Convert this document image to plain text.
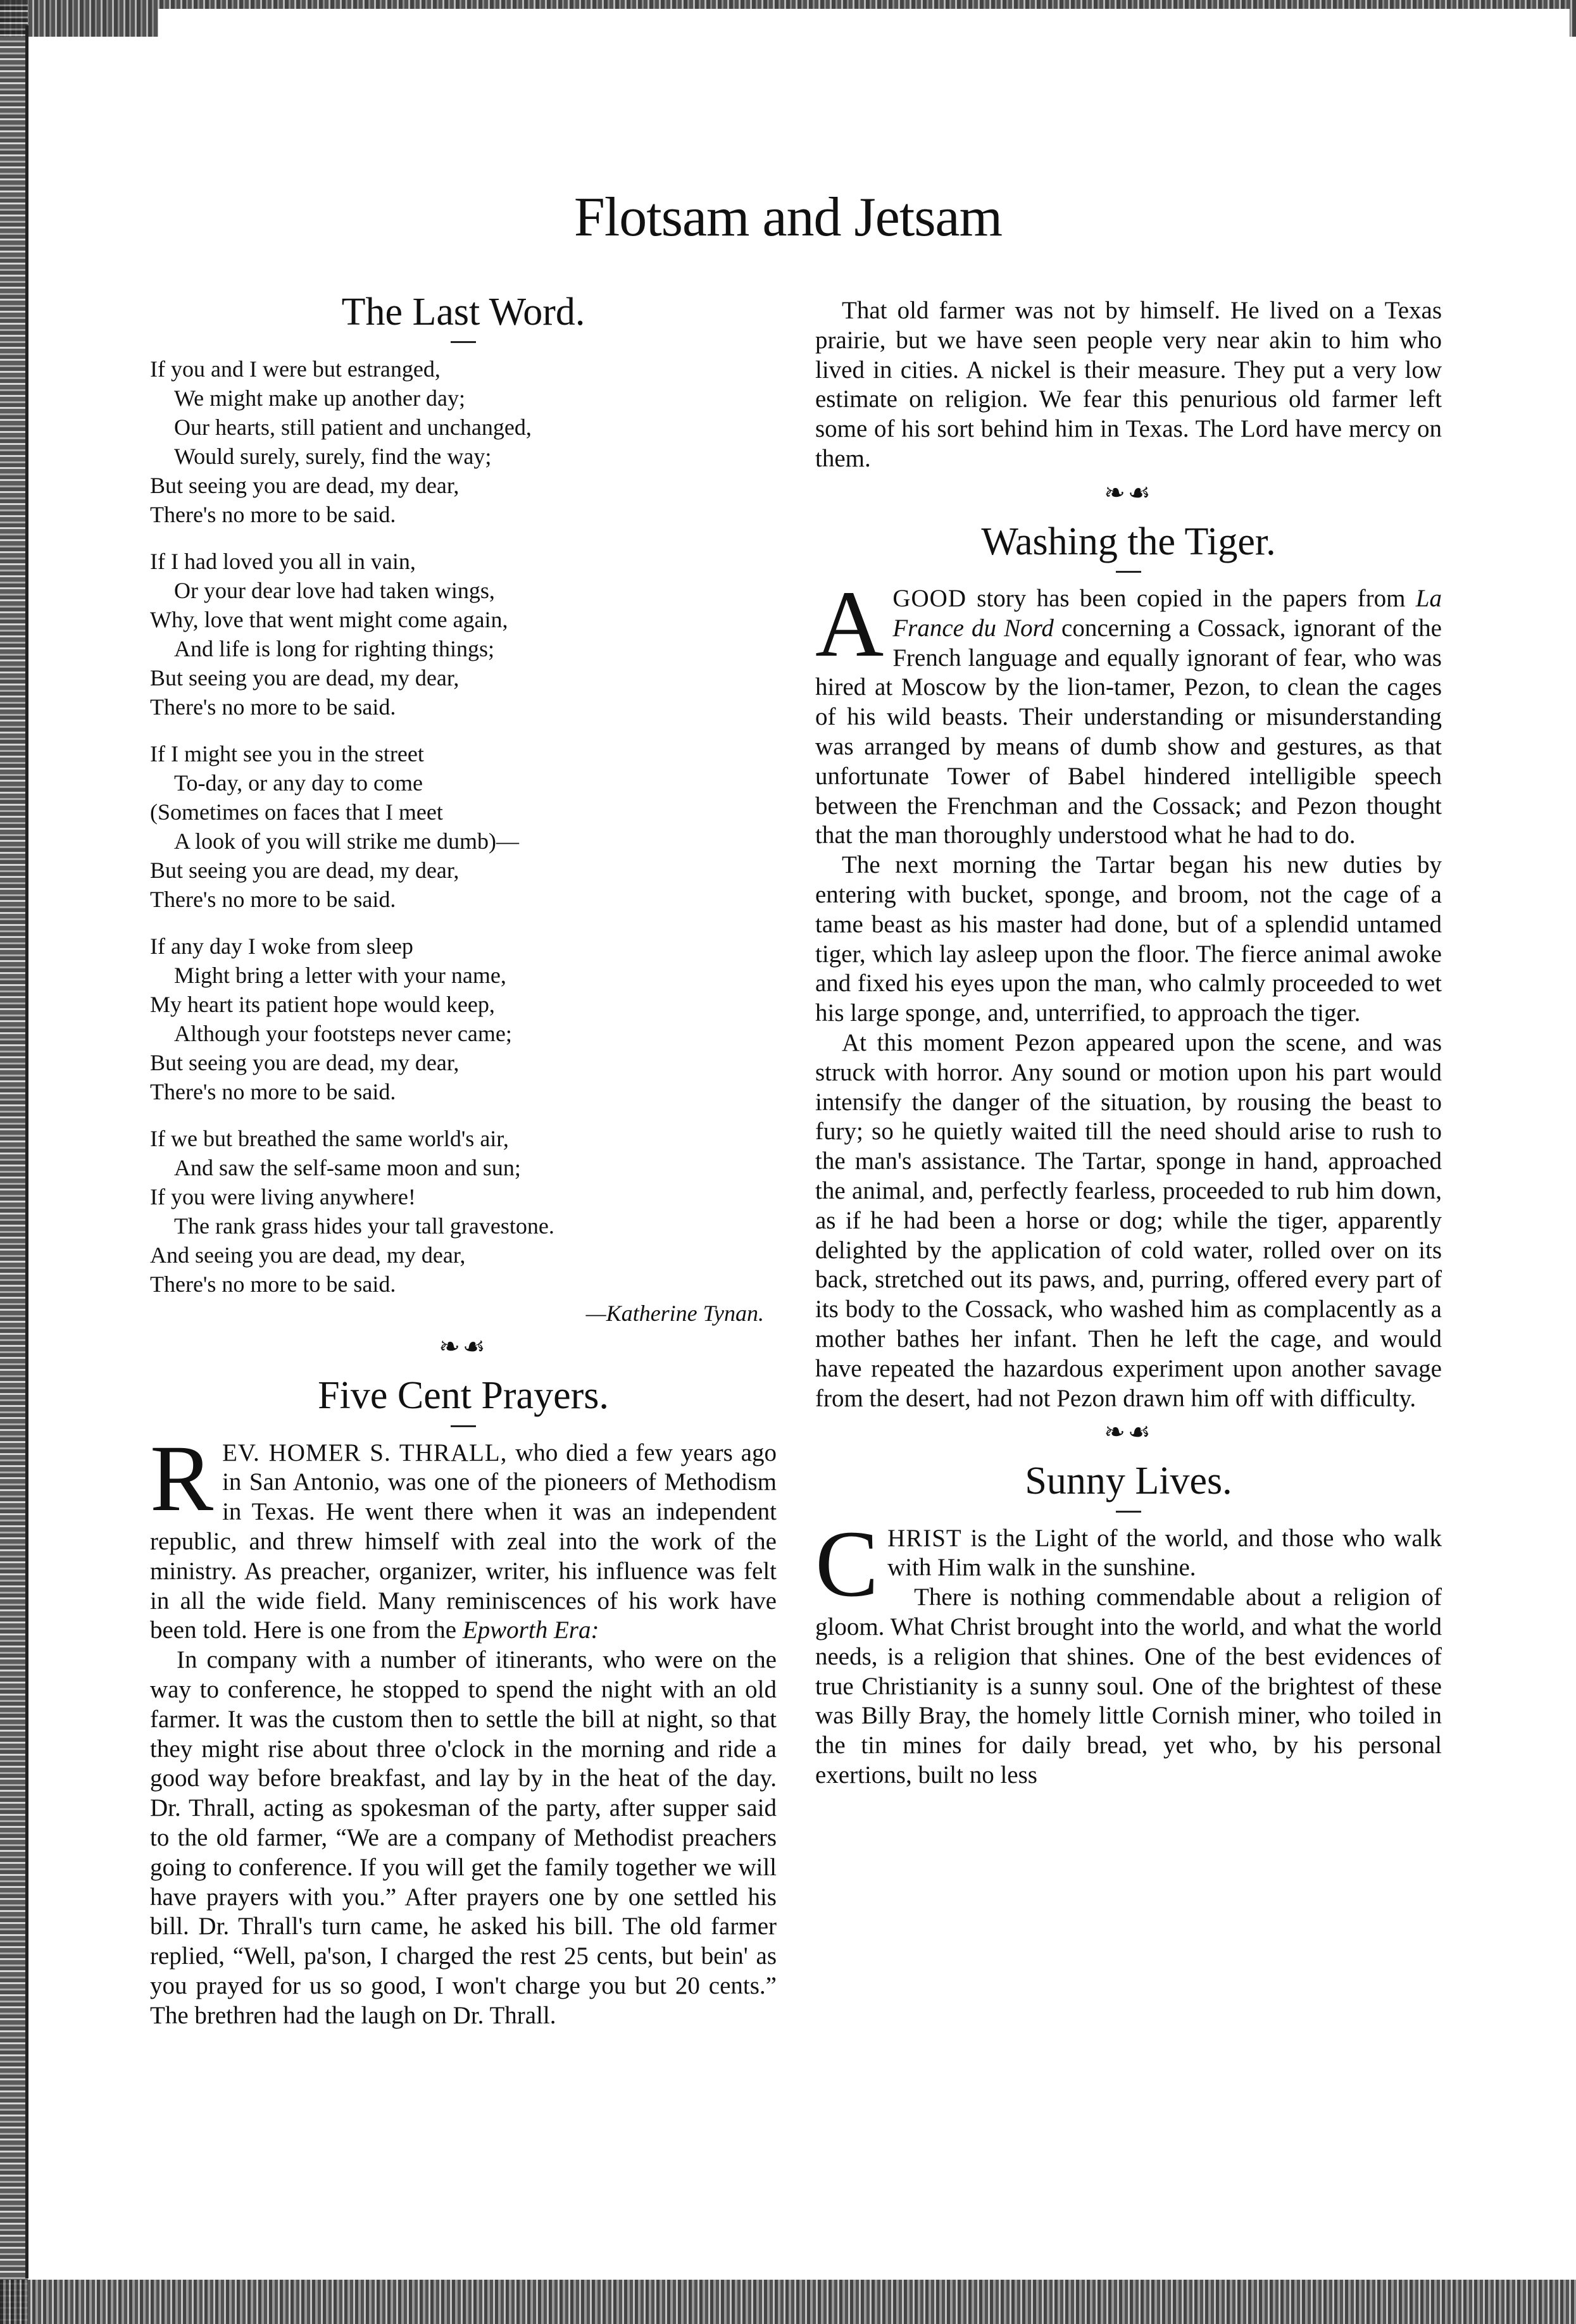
Flotsam and Jetsam
The Last Word.
If you and I were but estranged,
We might make up another day;
Our hearts, still patient and unchanged,
Would surely, surely, find the way;
But seeing you are dead, my dear,
There's no more to be said.
If I had loved you all in vain,
Or your dear love had taken wings,
Why, love that went might come again,
And life is long for righting things;
But seeing you are dead, my dear,
There's no more to be said.
If I might see you in the street
To-day, or any day to come
(Sometimes on faces that I meet
A look of you will strike me dumb)—
But seeing you are dead, my dear,
There's no more to be said.
If any day I woke from sleep
Might bring a letter with your name,
My heart its patient hope would keep,
Although your footsteps never came;
But seeing you are dead, my dear,
There's no more to be said.
If we but breathed the same world's air,
And saw the self-same moon and sun;
If you were living anywhere!
The rank grass hides your tall gravestone.
And seeing you are dead, my dear,
There's no more to be said.
—Katherine Tynan.
❧☙
Five Cent Prayers.

REV. HOMER S. THRALL, who died a few years ago in San Antonio, was one of the pioneers of Methodism in Texas. He went there when it was an independent republic, and threw himself with zeal into the work of the ministry. As preacher, organizer, writer, his influence was felt in all the wide field. Many reminiscences of his work have been told. Here is one from the Epworth Era:

In company with a number of itinerants, who were on the way to conference, he stopped to spend the night with an old farmer. It was the custom then to settle the bill at night, so that they might rise about three o'clock in the morning and ride a good way before breakfast, and lay by in the heat of the day. Dr. Thrall, acting as spokesman of the party, after supper said to the old farmer, “We are a company of Methodist preachers going to conference. If you will get the family together we will have prayers with you.” After prayers one by one settled his bill. Dr. Thrall's turn came, he asked his bill. The old farmer replied, “Well, pa'son, I charged the rest 25 cents, but bein' as you prayed for us so good, I won't charge you but 20 cents.” The brethren had the laugh on Dr. Thrall.

That old farmer was not by himself. He lived on a Texas prairie, but we have seen people very near akin to him who lived in cities. A nickel is their measure. They put a very low estimate on religion. We fear this penurious old farmer left some of his sort behind him in Texas. The Lord have mercy on them.

❧☙
Washing the Tiger.

AGOOD story has been copied in the papers from La France du Nord concerning a Cossack, ignorant of the French language and equally ignorant of fear, who was hired at Moscow by the lion-tamer, Pezon, to clean the cages of his wild beasts. Their understanding or misunderstanding was arranged by means of dumb show and gestures, as that unfortunate Tower of Babel hindered intelligible speech between the Frenchman and the Cossack; and Pezon thought that the man thoroughly understood what he had to do.

The next morning the Tartar began his new duties by entering with bucket, sponge, and broom, not the cage of a tame beast as his master had done, but of a splendid untamed tiger, which lay asleep upon the floor. The fierce animal awoke and fixed his eyes upon the man, who calmly proceeded to wet his large sponge, and, unterrified, to approach the tiger.

At this moment Pezon appeared upon the scene, and was struck with horror. Any sound or motion upon his part would intensify the danger of the situation, by rousing the beast to fury; so he quietly waited till the need should arise to rush to the man's assistance. The Tartar, sponge in hand, approached the animal, and, perfectly fearless, proceeded to rub him down, as if he had been a horse or dog; while the tiger, apparently delighted by the application of cold water, rolled over on its back, stretched out its paws, and, purring, offered every part of its body to the Cossack, who washed him as complacently as a mother bathes her infant. Then he left the cage, and would have repeated the hazardous experiment upon another savage from the desert, had not Pezon drawn him off with difficulty.

❧☙
Sunny Lives.

CHRIST is the Light of the world, and those who walk with Him walk in the sunshine.

There is nothing commendable about a religion of gloom. What Christ brought into the world, and what the world needs, is a religion that shines. One of the best evidences of true Christianity is a sunny soul. One of the brightest of these was Billy Bray, the homely little Cornish miner, who toiled in the tin mines for daily bread, yet who, by his personal exertions, built no less
